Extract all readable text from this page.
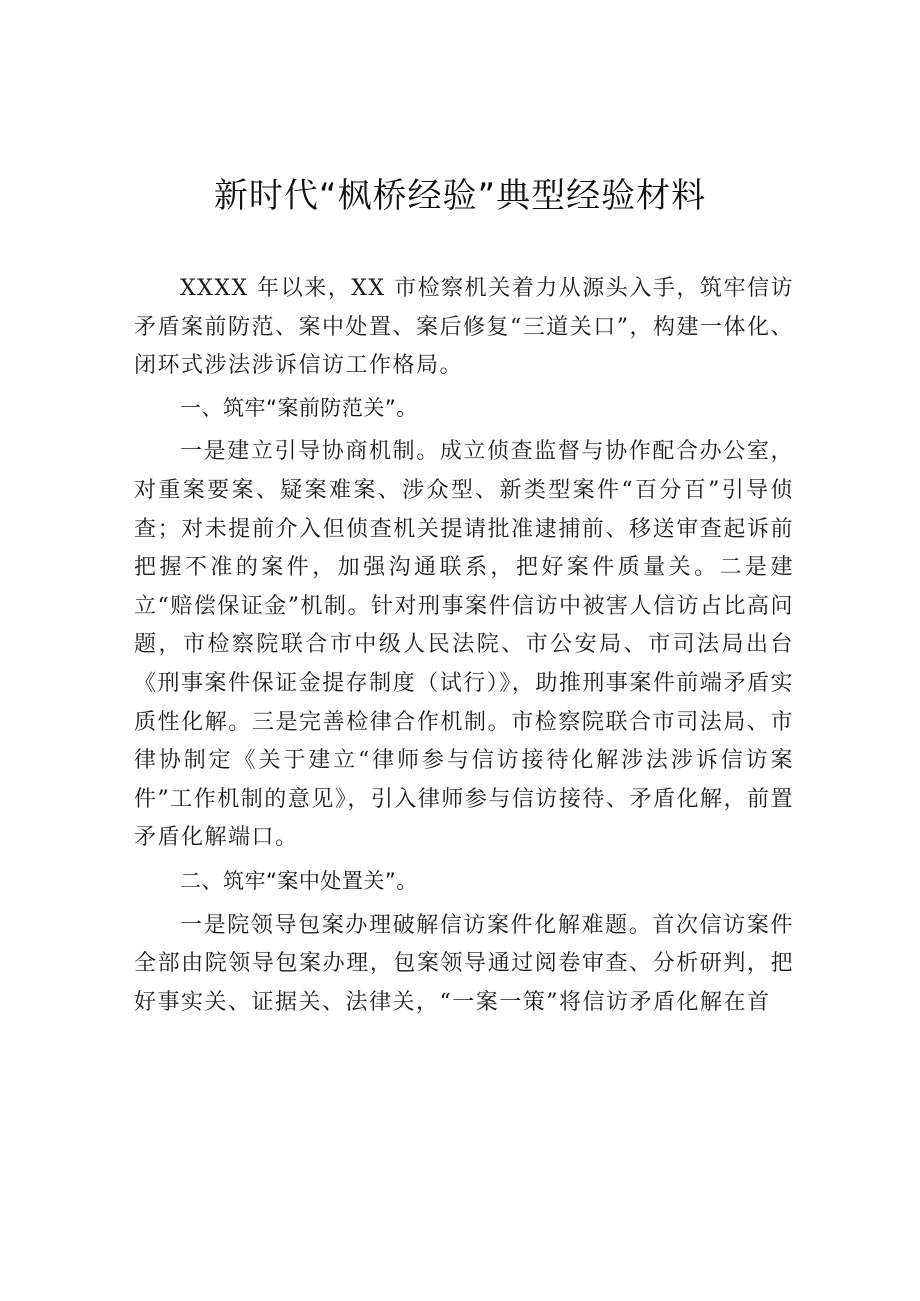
新时代“枫桥经验”典型经验材料

XXXX 年以来，XX 市检察机关着力从源头入手，筑牢信访矛盾案前防范、案中处置、案后修复“三道关口”，构建一体化、闭环式涉法涉诉信访工作格局。

一、筑牢“案前防范关”。

一是建立引导协商机制。成立侦查监督与协作配合办公室，对重案要案、疑案难案、涉众型、新类型案件“百分百”引导侦查；对未提前介入但侦查机关提请批准逮捕前、移送审查起诉前把握不准的案件，加强沟通联系，把好案件质量关。二是建立“赔偿保证金”机制。针对刑事案件信访中被害人信访占比高问题，市检察院联合市中级人民法院、市公安局、市司法局出台《刑事案件保证金提存制度（试行）》，助推刑事案件前端矛盾实质性化解。三是完善检律合作机制。市检察院联合市司法局、市律协制定《关于建立“律师参与信访接待化解涉法涉诉信访案件”工作机制的意见》，引入律师参与信访接待、矛盾化解，前置矛盾化解端口。

二、筑牢“案中处置关”。

一是院领导包案办理破解信访案件化解难题。首次信访案件全部由院领导包案办理，包案领导通过阅卷审查、分析研判，把好事实关、证据关、法律关，“一案一策”将信访矛盾化解在首
